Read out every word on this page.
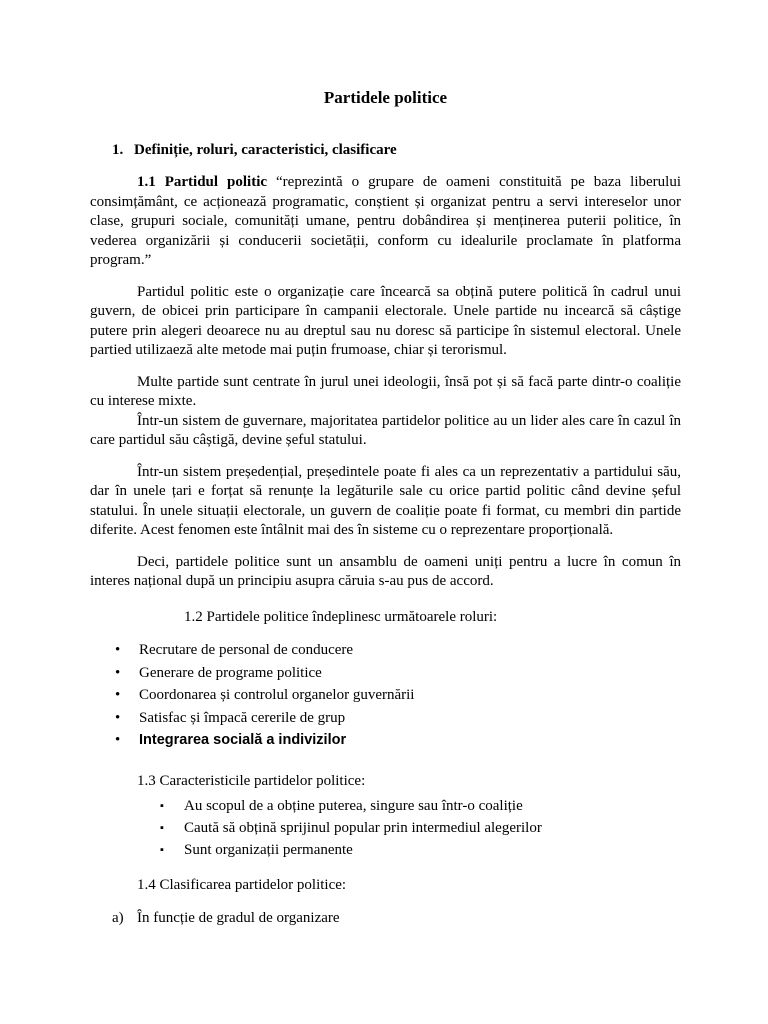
Partidele politice
1. Definiție, roluri, caracteristici, clasificare

1.1 Partidul politic “reprezintă o grupare de oameni constituită pe baza liberului consimțământ, ce acționează programatic, conștient și organizat pentru a servi intereselor unor clase, grupuri sociale, comunități umane, pentru dobândirea și menținerea puterii politice, în vederea organizării și conducerii societății, conform cu idealurile proclamate în platforma program.”

Partidul politic este o organizație care încearcă sa obțină putere politică în cadrul unui guvern, de obicei prin participare în campanii electorale. Unele partide nu incearcă să câștige putere prin alegeri deoarece nu au dreptul sau nu doresc să participe în sistemul electoral. Unele partied utilizaeză alte metode mai puțin frumoase, chiar și terorismul.

Multe partide sunt centrate în jurul unei ideologii, însă pot și să facă parte dintr-o coaliție cu interese mixte.

Într-un sistem de guvernare, majoritatea partidelor politice au un lider ales care în cazul în care partidul său câștigă, devine șeful statului.

Într-un sistem președențial, președintele poate fi ales ca un reprezentativ a partidului său, dar în unele țari e forțat să renunțe la legăturile sale cu orice partid politic când devine șeful statului. În unele situații electorale, un guvern de coaliție poate fi format, cu membri din partide diferite. Acest fenomen este întâlnit mai des în sisteme cu o reprezentare proporțională.

Deci, partidele politice sunt un ansamblu de oameni uniți pentru a lucre în comun în interes național după un principiu asupra căruia s-au pus de accord.

1.2 Partidele politice îndeplinesc următoarele roluri:

•	Recrutare de personal de conducere
•	Generare de programe politice
•	Coordonarea și controlul organelor guvernării
•	Satisfac și împacă cererile de grup
•	Integrarea socială a indivizilor

1.3 Caracteristicile partidelor politice:

▪	Au scopul de a obține puterea, singure sau într-o coaliție
▪	Caută să obțină sprijinul popular prin intermediul alegerilor
▪	Sunt organizații permanente

1.4 Clasificarea partidelor politice:

a) În funcție de gradul de organizare
